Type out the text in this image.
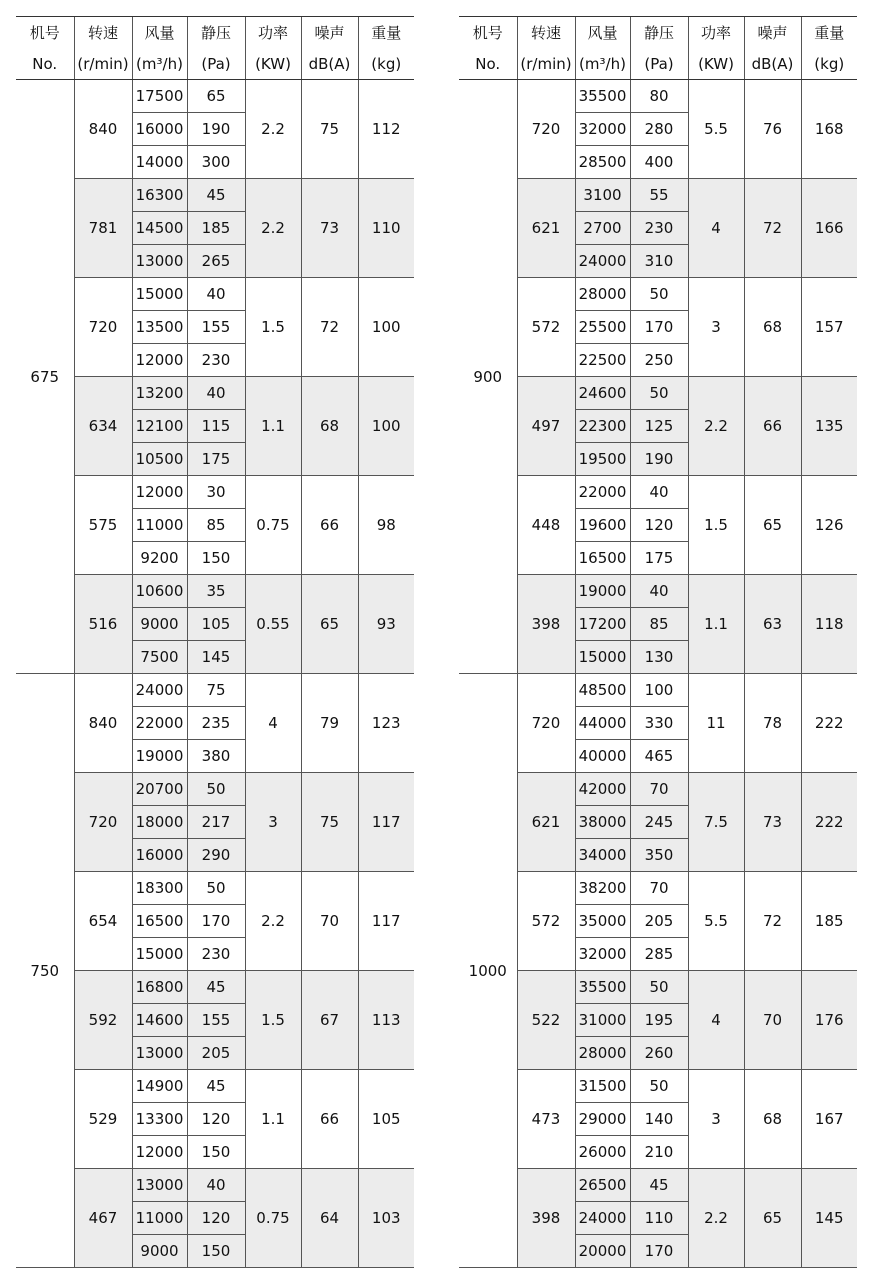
机号	转速	风量	静压	功率	噪声	重量
No.	(r/min)	(m³/h)	(Pa)	(KW)	dB(A)	(kg)
675	840	17500	65	2.2	75	112
		16000	190			
		14000	300			
	781	16300	45	2.2	73	110
		14500	185			
		13000	265			
	720	15000	40	1.5	72	100
		13500	155			
		12000	230			
	634	13200	40	1.1	68	100
		12100	115			
		10500	175			
	575	12000	30	0.75	66	98
		11000	85			
		9200	150			
	516	10600	35	0.55	65	93
		9000	105			
		7500	145			
750	840	24000	75	4	79	123
		22000	235			
		19000	380			
	720	20700	50	3	75	117
		18000	217			
		16000	290			
	654	18300	50	2.2	70	117
		16500	170			
		15000	230			
	592	16800	45	1.5	67	113
		14600	155			
		13000	205			
	529	14900	45	1.1	66	105
		13300	120			
		12000	150			
	467	13000	40	0.75	64	103
		11000	120			
		9000	150			
机号	转速	风量	静压	功率	噪声	重量
No.	(r/min)	(m³/h)	(Pa)	(KW)	dB(A)	(kg)
900	720	35500	80	5.5	76	168
		32000	280			
		28500	400			
	621	3100	55	4	72	166
		2700	230			
		24000	310			
	572	28000	50	3	68	157
		25500	170			
		22500	250			
	497	24600	50	2.2	66	135
		22300	125			
		19500	190			
	448	22000	40	1.5	65	126
		19600	120			
		16500	175			
	398	19000	40	1.1	63	118
		17200	85			
		15000	130			
1000	720	48500	100	11	78	222
		44000	330			
		40000	465			
	621	42000	70	7.5	73	222
		38000	245			
		34000	350			
	572	38200	70	5.5	72	185
		35000	205			
		32000	285			
	522	35500	50	4	70	176
		31000	195			
		28000	260			
	473	31500	50	3	68	167
		29000	140			
		26000	210			
	398	26500	45	2.2	65	145
		24000	110			
		20000	170			
